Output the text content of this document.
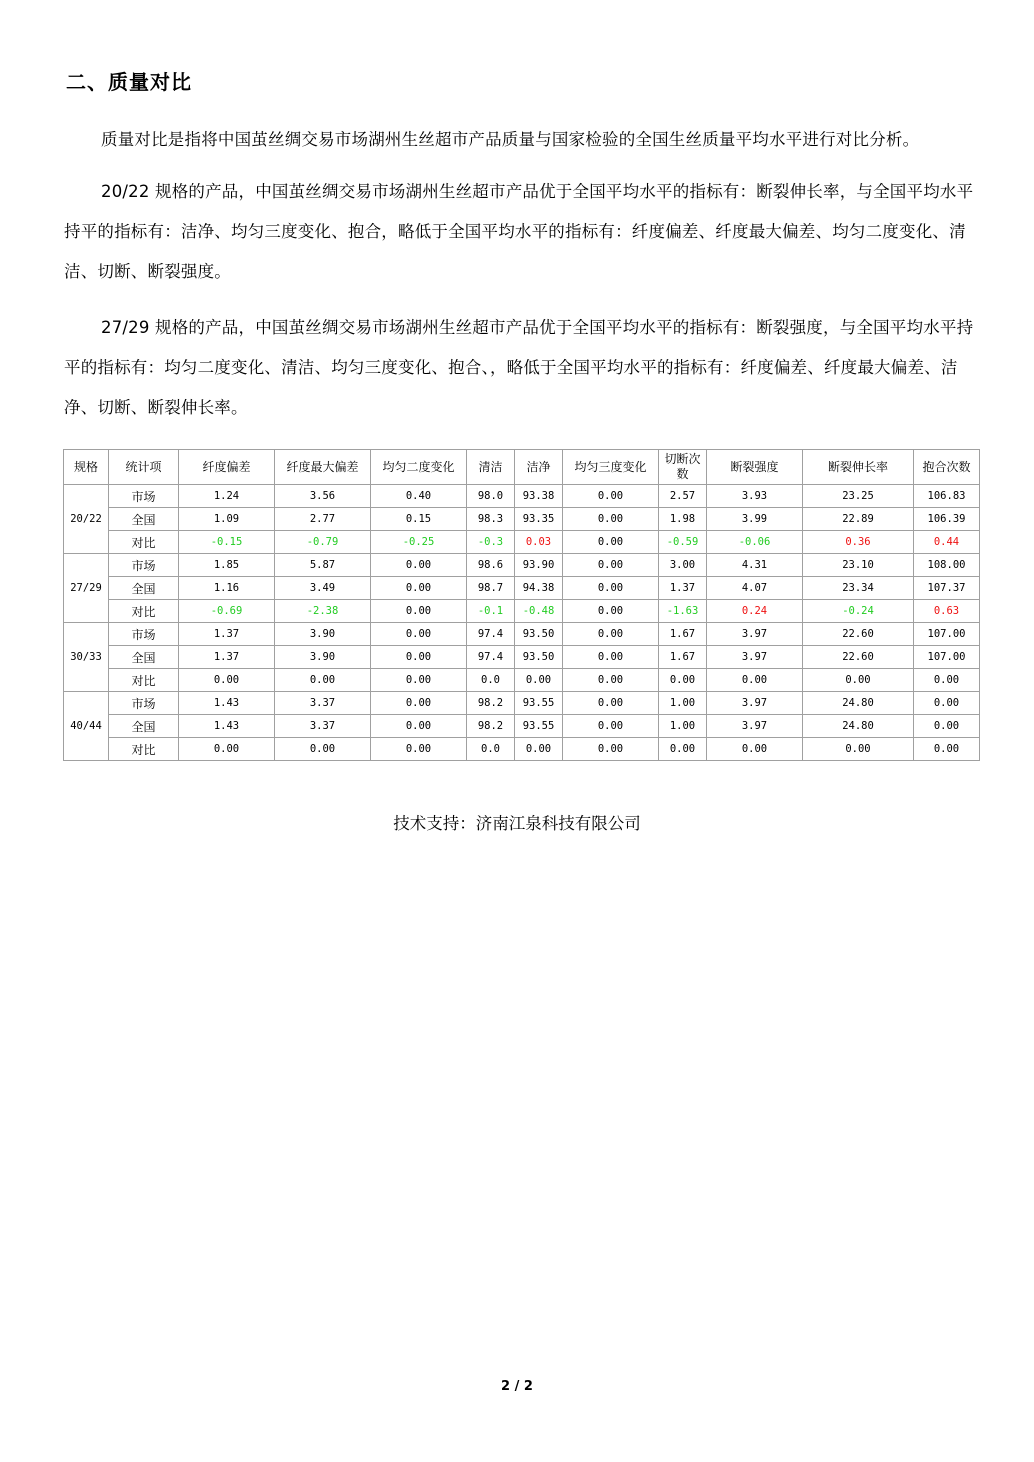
二、质量对比

质量对比是指将中国茧丝绸交易市场湖州生丝超市产品质量与国家检验的全国生丝质量平均水平进行对比分析。

20/22 规格的产品，中国茧丝绸交易市场湖州生丝超市产品优于全国平均水平的指标有：断裂伸长率，与全国平均水平持平的指标有：洁净、均匀三度变化、抱合，略低于全国平均水平的指标有：纤度偏差、纤度最大偏差、均匀二度变化、清洁、切断、断裂强度。

27/29 规格的产品，中国茧丝绸交易市场湖州生丝超市产品优于全国平均水平的指标有：断裂强度，与全国平均水平持平的指标有：均匀二度变化、清洁、均匀三度变化、抱合、，略低于全国平均水平的指标有：纤度偏差、纤度最大偏差、洁净、切断、断裂伸长率。

规格	统计项	纤度偏差	纤度最大偏差	均匀二度变化	清洁	洁净	均匀三度变化	切断次数	断裂强度	断裂伸长率	抱合次数
20/22	市场	1.24	3.56	0.40	98.0	93.38	0.00	2.57	3.93	23.25	106.83
	全国	1.09	2.77	0.15	98.3	93.35	0.00	1.98	3.99	22.89	106.39
	对比	-0.15	-0.79	-0.25	-0.3	0.03	0.00	-0.59	-0.06	0.36	0.44
27/29	市场	1.85	5.87	0.00	98.6	93.90	0.00	3.00	4.31	23.10	108.00
	全国	1.16	3.49	0.00	98.7	94.38	0.00	1.37	4.07	23.34	107.37
	对比	-0.69	-2.38	0.00	-0.1	-0.48	0.00	-1.63	0.24	-0.24	0.63
30/33	市场	1.37	3.90	0.00	97.4	93.50	0.00	1.67	3.97	22.60	107.00
	全国	1.37	3.90	0.00	97.4	93.50	0.00	1.67	3.97	22.60	107.00
	对比	0.00	0.00	0.00	0.0	0.00	0.00	0.00	0.00	0.00	0.00
40/44	市场	1.43	3.37	0.00	98.2	93.55	0.00	1.00	3.97	24.80	0.00
	全国	1.43	3.37	0.00	98.2	93.55	0.00	1.00	3.97	24.80	0.00
	对比	0.00	0.00	0.00	0.0	0.00	0.00	0.00	0.00	0.00	0.00

技术支持：济南江泉科技有限公司

2 / 2
